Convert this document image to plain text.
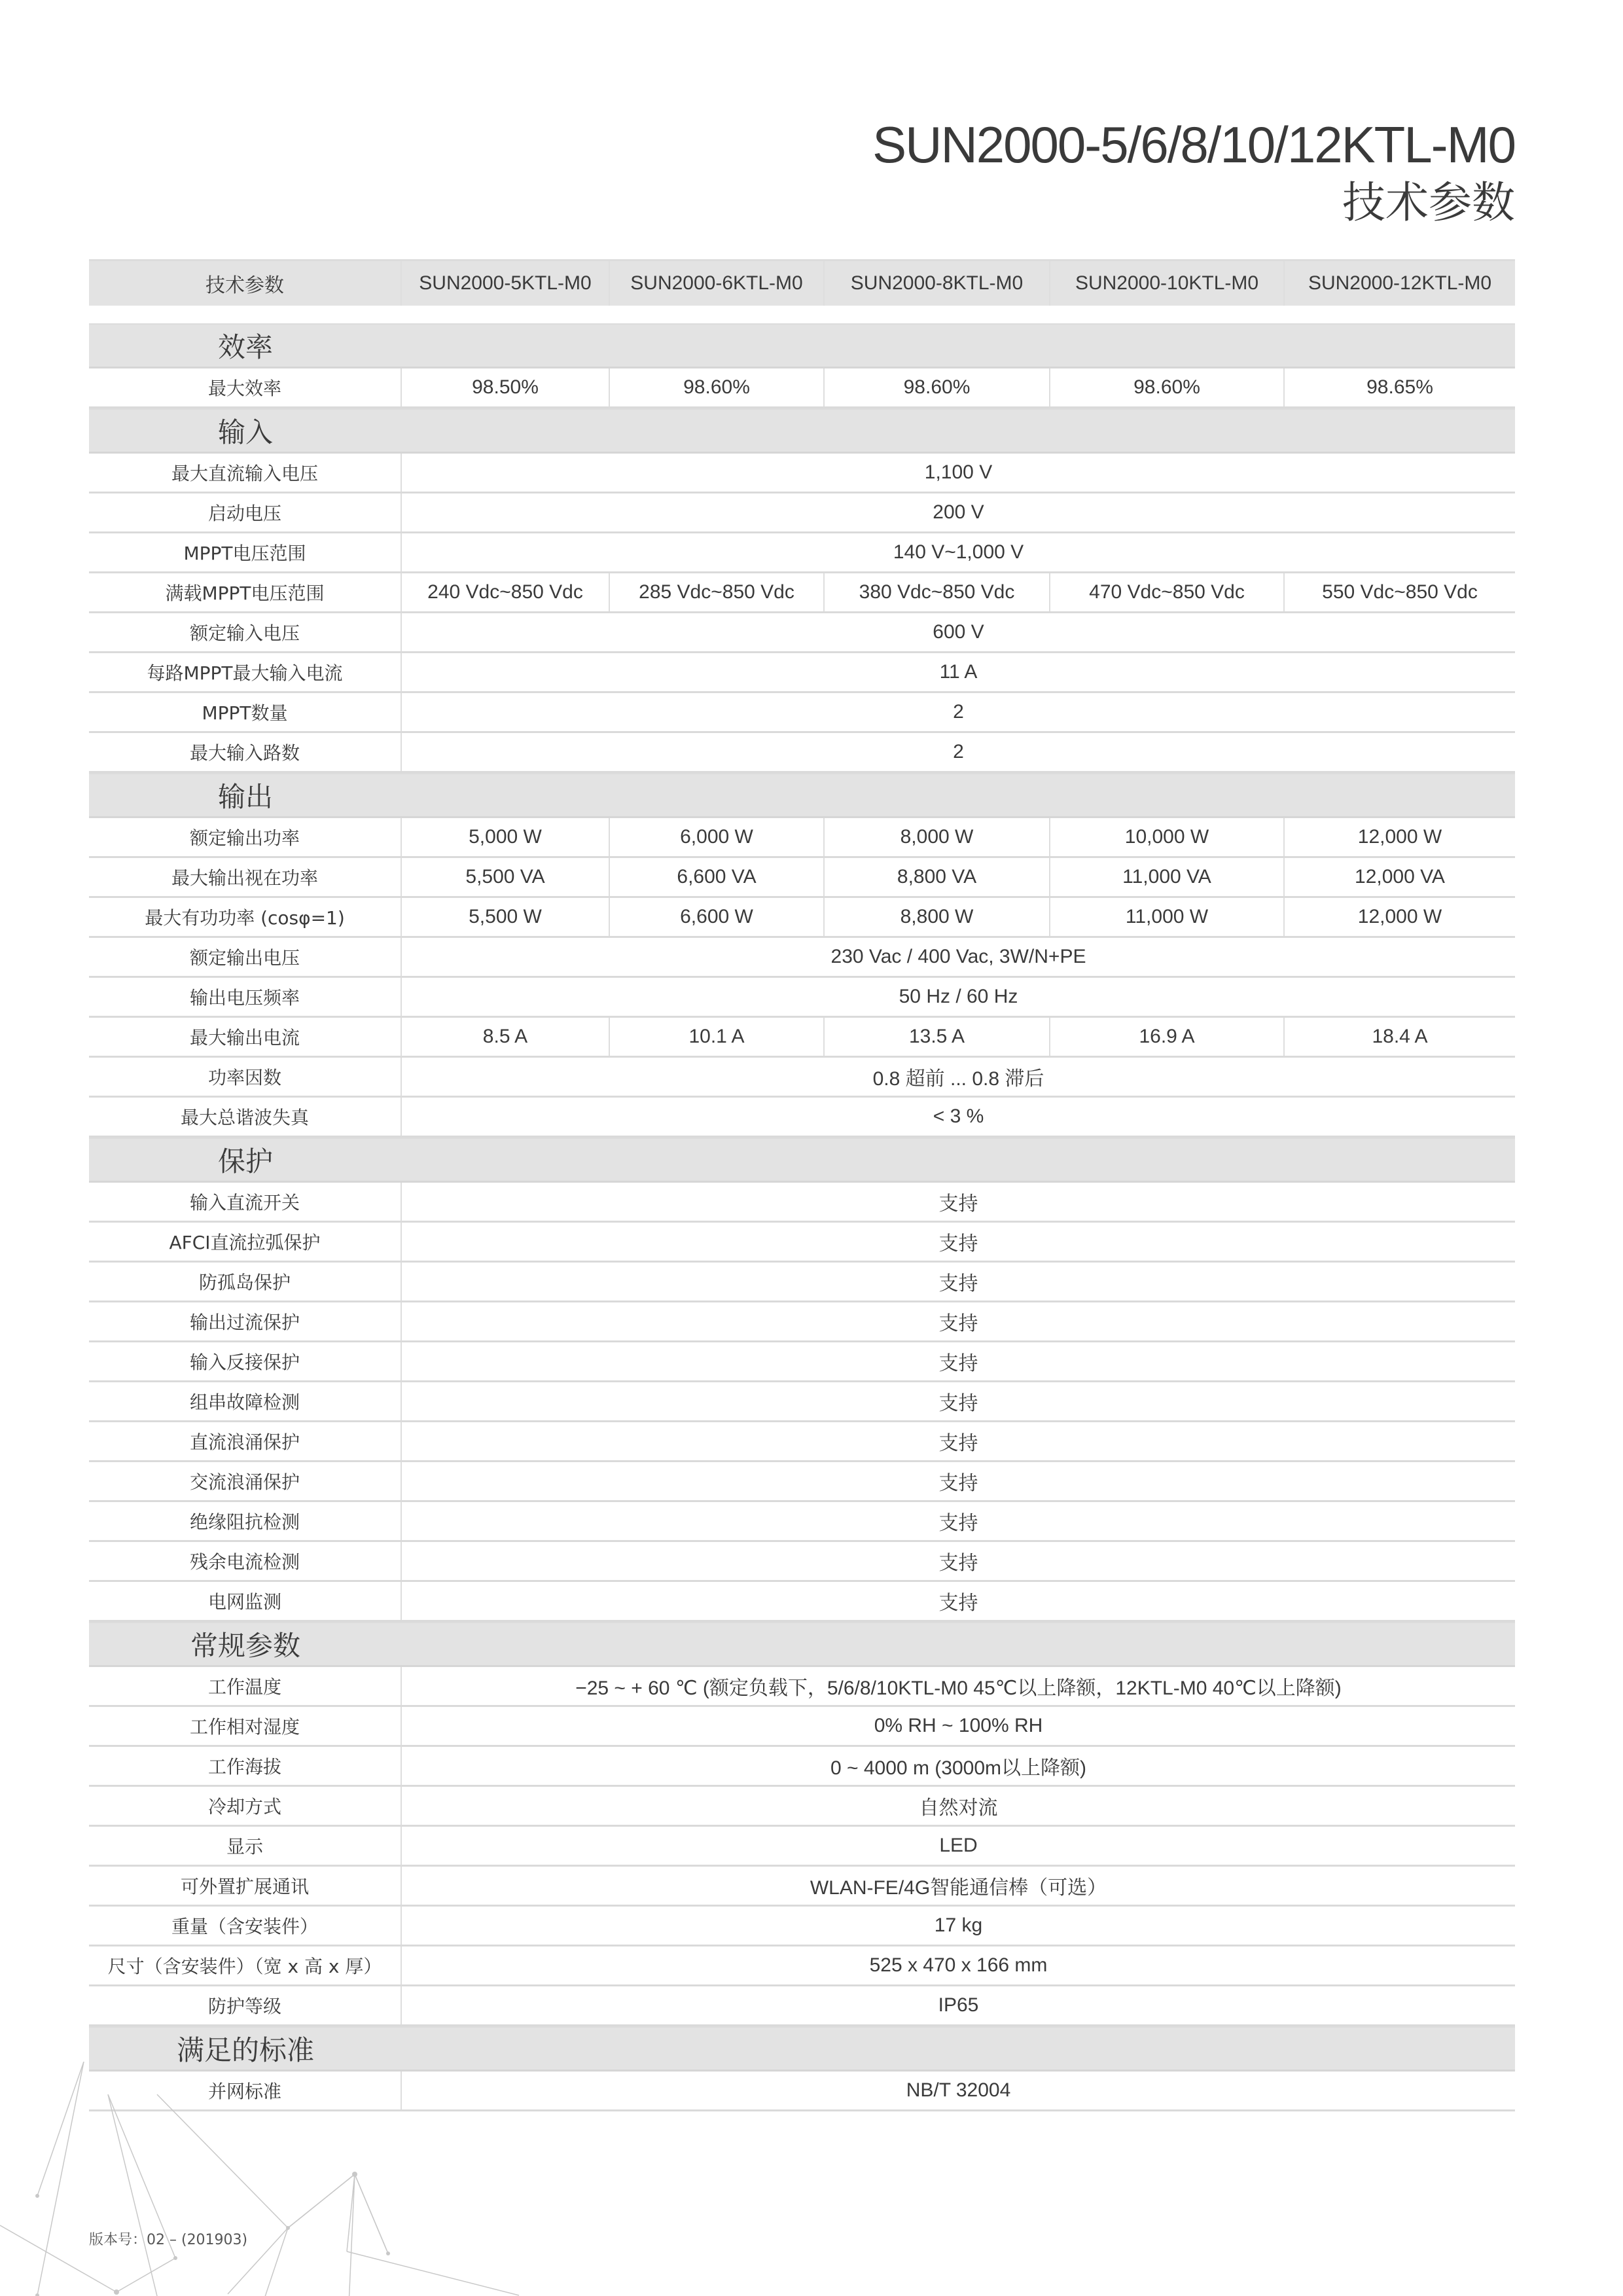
SUN2000-5/6/8/10/12KTL-M0
技术参数
技术参数	SUN2000-5KTL-M0	SUN2000-6KTL-M0	SUN2000-8KTL-M0	SUN2000-10KTL-M0	SUN2000-12KTL-M0
效率
最大效率	98.50%	98.60%	98.60%	98.60%	98.65%
输入
最大直流输入电压	1,100 V
启动电压	200 V
MPPT电压范围	140 V~1,000 V
满载MPPT电压范围	240 Vdc~850 Vdc	285 Vdc~850 Vdc	380 Vdc~850 Vdc	470 Vdc~850 Vdc	550 Vdc~850 Vdc
额定输入电压	600 V
每路MPPT最大输入电流	11 A
MPPT数量	2
最大输入路数	2
输出
额定输出功率	5,000 W	6,000 W	8,000 W	10,000 W	12,000 W
最大输出视在功率	5,500 VA	6,600 VA	8,800 VA	11,000 VA	12,000 VA
最大有功功率 (cosφ=1)	5,500 W	6,600 W	8,800 W	11,000 W	12,000 W
额定输出电压	230 Vac / 400 Vac, 3W/N+PE
输出电压频率	50 Hz / 60 Hz
最大输出电流	8.5 A	10.1 A	13.5 A	16.9 A	18.4 A
功率因数	0.8 超前 ... 0.8 滞后
最大总谐波失真	< 3 %
保护
输入直流开关	支持
AFCI直流拉弧保护	支持
防孤岛保护	支持
输出过流保护	支持
输入反接保护	支持
组串故障检测	支持
直流浪涌保护	支持
交流浪涌保护	支持
绝缘阻抗检测	支持
残余电流检测	支持
电网监测	支持
常规参数
工作温度	−25 ~ + 60 ℃ (额定负载下，5/6/8/10KTL-M0 45℃以上降额，12KTL-M0 40℃以上降额)
工作相对湿度	0% RH ~ 100% RH
工作海拔	0 ~ 4000 m (3000m以上降额)
冷却方式	自然对流
显示	LED
可外置扩展通讯	WLAN-FE/4G智能通信棒（可选）
重量（含安装件）	17 kg
尺寸（含安装件）（宽 x 高 x 厚）	525 x 470 x 166 mm
防护等级	IP65
满足的标准
并网标准	NB/T 32004
版本号：02 – (201903)
